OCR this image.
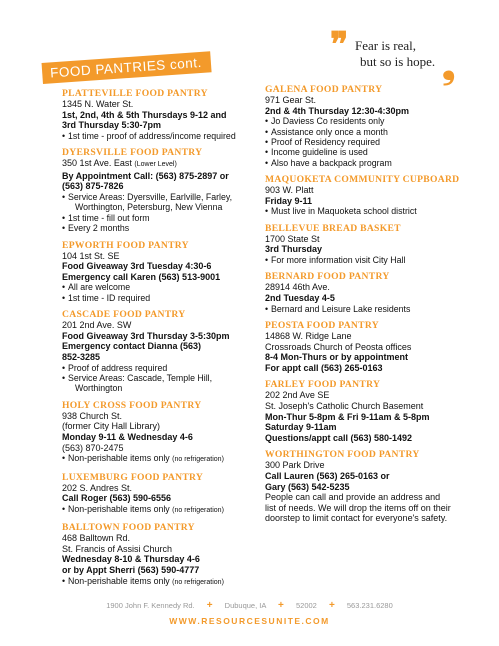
❞ Fear is real,
but so is hope. ❟
FOOD PANTRIES cont.
PLATTEVILLE FOOD PANTRY
1345 N. Water St.
1st, 2nd, 4th & 5th Thursdays 9-12 and
3rd Thursday 5:30-7pm
• 1st time - proof of address/income required
DYERSVILLE FOOD PANTRY
350 1st Ave. East (Lower Level)
By Appointment Call: (563) 875-2897 or
(563) 875-7826
• Service Areas: Dyersville, Earlville, Farley,
Worthington, Petersburg, New Vienna
• 1st time - fill out form
• Every 2 months
EPWORTH FOOD PANTRY
104 1st St. SE
Food Giveaway 3rd Tuesday 4:30-6
Emergency call Karen (563) 513-9001
• All are welcome
• 1st time - ID required
CASCADE FOOD PANTRY
201 2nd Ave. SW
Food Giveaway 3rd Thursday 3-5:30pm
Emergency contact Dianna (563)
852-3285
• Proof of address required
• Service Areas: Cascade, Temple Hill,
Worthington
HOLY CROSS FOOD PANTRY
938 Church St.
(former City Hall Library)
Monday 9-11 & Wednesday 4-6
(563) 870-2475
• Non-perishable items only (no refrigeration)
LUXEMBURG FOOD PANTRY
202 S. Andres St.
Call Roger (563) 590-6556
• Non-perishable items only (no refrigeration)
BALLTOWN FOOD PANTRY
468 Balltown Rd.
St. Francis of Assisi Church
Wednesday 8-10 & Thursday 4-6
or by Appt Sherri (563) 590-4777
• Non-perishable items only (no refrigeration)
GALENA FOOD PANTRY
971 Gear St.
2nd & 4th Thursday 12:30-4:30pm
• Jo Daviess Co residents only
• Assistance only once a month
• Proof of Residency required
• Income guideline is used
• Also have a backpack program
MAQUOKETA COMMUNITY CUPBOARD
903 W. Platt
Friday 9-11
• Must live in Maquoketa school district
BELLEVUE BREAD BASKET
1700 State St
3rd Thursday
• For more information visit City Hall
BERNARD FOOD PANTRY
28914 46th Ave.
2nd Tuesday 4-5
• Bernard and Leisure Lake residents
PEOSTA FOOD PANTRY
14868 W. Ridge Lane
Crossroads Church of Peosta offices
8-4 Mon-Thurs or by appointment
For appt call (563) 265-0163
FARLEY FOOD PANTRY
202 2nd Ave SE
St. Joseph's Catholic Church Basement
Mon-Thur 5-8pm & Fri 9-11am & 5-8pm
Saturday 9-11am
Questions/appt call (563) 580-1492
WORTHINGTON FOOD PANTRY
300 Park Drive
Call Lauren (563) 265-0163 or
Gary (563) 542-5235
People can call and provide an address and list of needs. We will drop the items off on their doorstep to limit contact for everyone's safety.
1900 John F. Kennedy Rd. + Dubuque, IA + 52002 + 563.231.6280
WWW.RESOURCESUNITE.COM
